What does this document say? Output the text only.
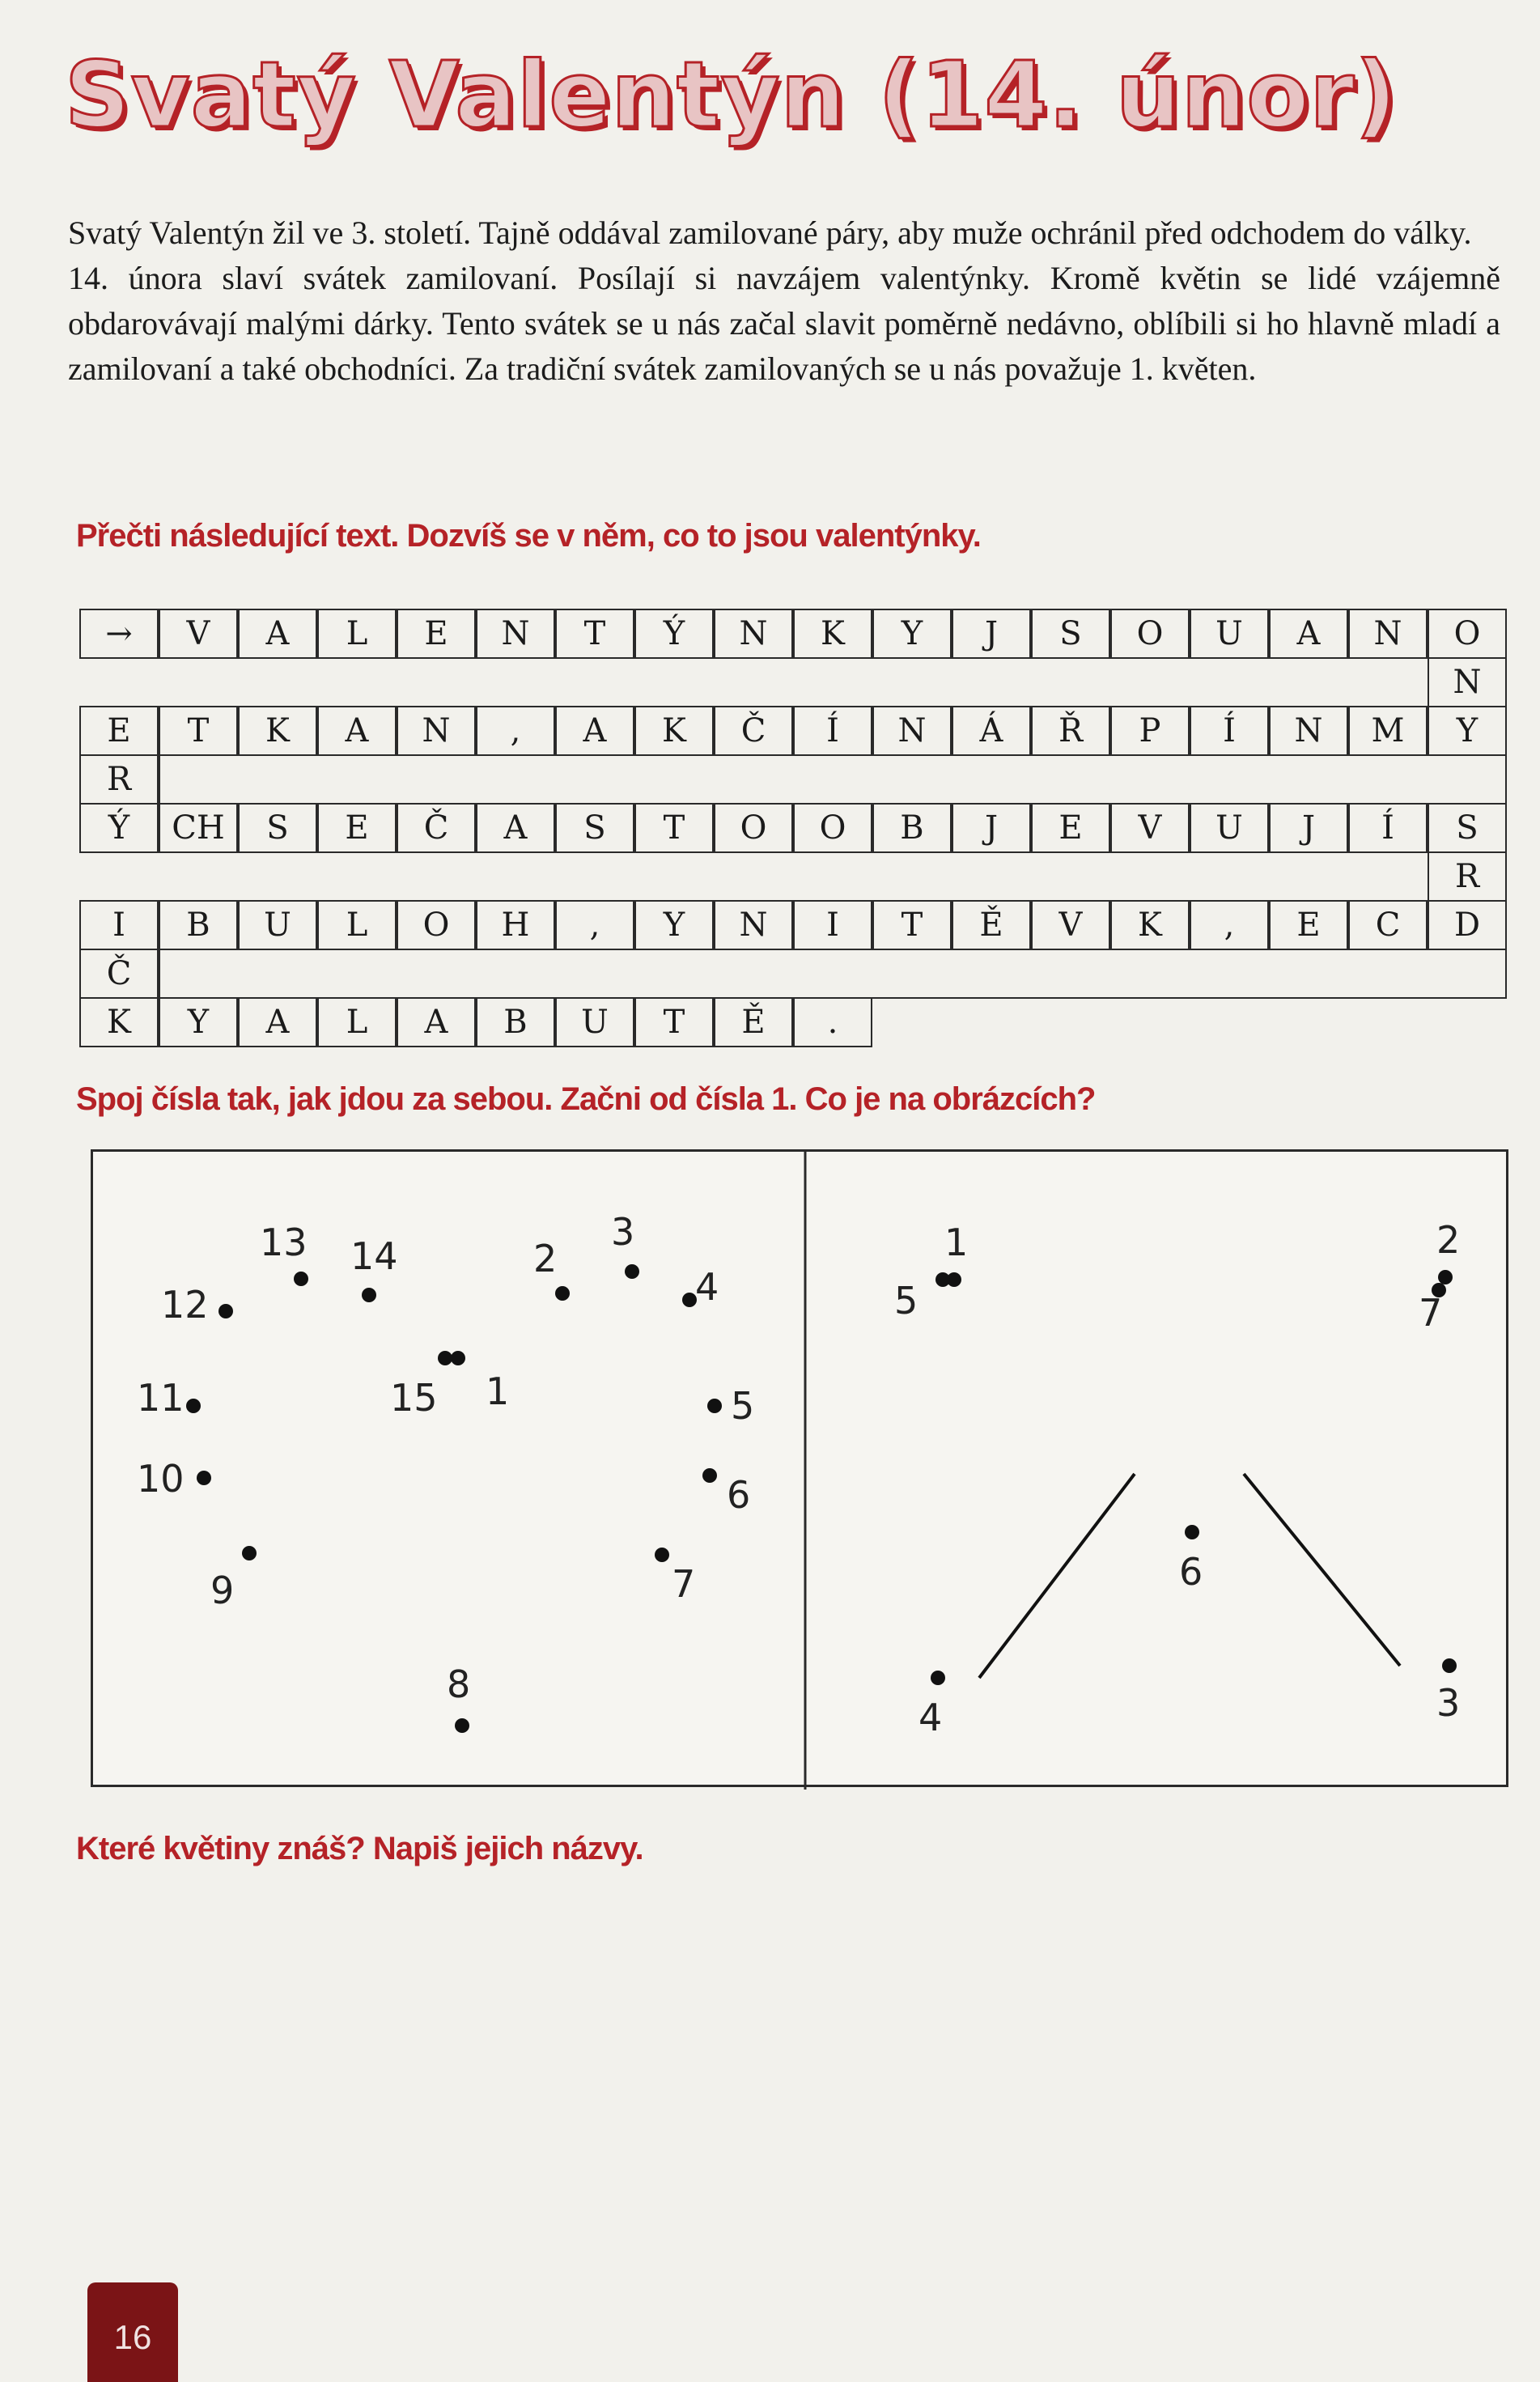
Svatý Valentýn (14. únor)

Svatý Valentýn žil ve 3. století. Tajně oddával zamilované páry, aby muže ochránil před odchodem do války.

14. února slaví svátek zamilovaní. Posílají si navzájem valentýnky. Kromě květin se lidé vzájemně obdarovávají malými dárky. Tento svátek se u nás začal slavit poměrně nedávno, oblíbili si ho hlavně mladí a zamilovaní a také obchodníci. Za tradiční svátek zamilovaných se u nás považuje 1. květen.

Přečti následující text. Dozvíš se v něm, co to jsou valentýnky.
→	V	A	L	E	N	T	Ý	N	K	Y	J	S	O	U	A	N	O
N
E	T	K	A	N	,	A	K	Č	Í	N	Á	Ř	P	Í	N	M	Y
R
Ý	CH	S	E	Č	A	S	T	O	O	B	J	E	V	U	J	Í	S
R
I	B	U	L	O	H	,	Y	N	I	T	Ě	V	K	,	E	C	D
Č
K	Y	A	L	A	B	U	T	Ě	.
Spoj čísla tak, jak jdou za sebou. Začni od čísla 1. Co je na obrázcích?
1
2
3
4
5
6
7
8
9
10
11
12
13 14
15
1	2
3
4
5
6
7
Které květiny znáš? Napiš jejich názvy.
16
